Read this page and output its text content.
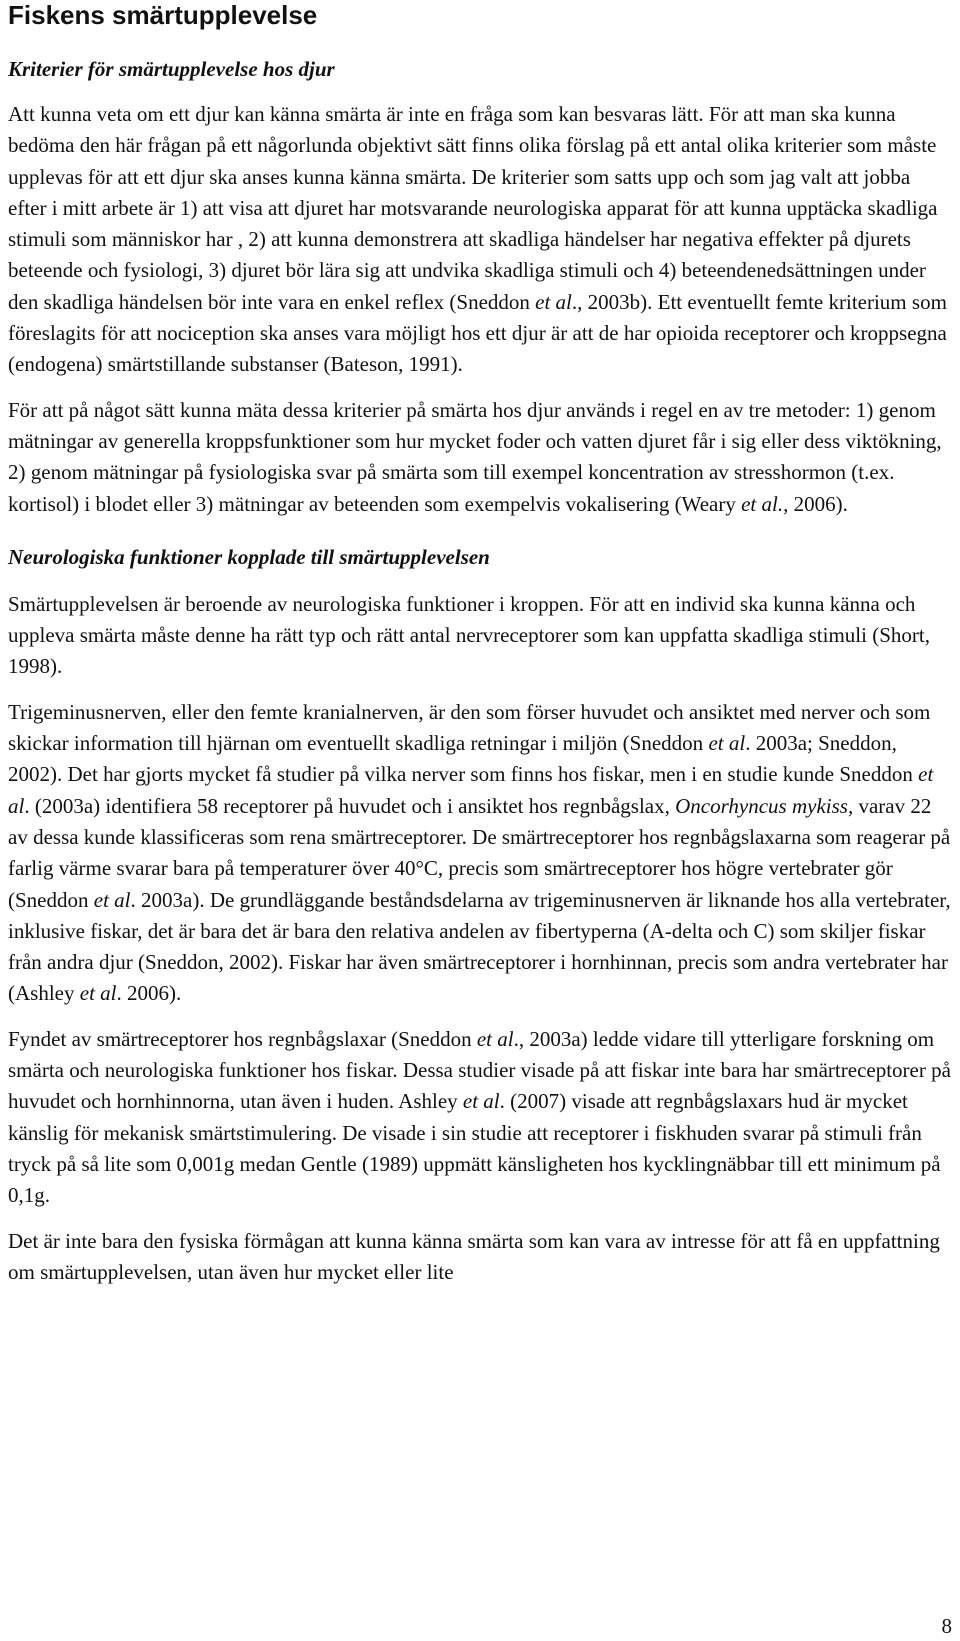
Fiskens smärtupplevelse
Kriterier för smärtupplevelse hos djur

Att kunna veta om ett djur kan känna smärta är inte en fråga som kan besvaras lätt. För att man ska kunna bedöma den här frågan på ett någorlunda objektivt sätt finns olika förslag på ett antal olika kriterier som måste upplevas för att ett djur ska anses kunna känna smärta. De kriterier som satts upp och som jag valt att jobba efter i mitt arbete är 1) att visa att djuret har motsvarande neurologiska apparat för att kunna upptäcka skadliga stimuli som människor har , 2) att kunna demonstrera att skadliga händelser har negativa effekter på djurets beteende och fysiologi, 3) djuret bör lära sig att undvika skadliga stimuli och 4) beteendenedsättningen under den skadliga händelsen bör inte vara en enkel reflex (Sneddon et al., 2003b). Ett eventuellt femte kriterium som föreslagits för att nociception ska anses vara möjligt hos ett djur är att de har opioida receptorer och kroppsegna (endogena) smärtstillande substanser (Bateson, 1991).

För att på något sätt kunna mäta dessa kriterier på smärta hos djur används i regel en av tre metoder: 1) genom mätningar av generella kroppsfunktioner som hur mycket foder och vatten djuret får i sig eller dess viktökning, 2) genom mätningar på fysiologiska svar på smärta som till exempel koncentration av stresshormon (t.ex. kortisol) i blodet eller 3) mätningar av beteenden som exempelvis vokalisering (Weary et al., 2006).

Neurologiska funktioner kopplade till smärtupplevelsen

Smärtupplevelsen är beroende av neurologiska funktioner i kroppen. För att en individ ska kunna känna och uppleva smärta måste denne ha rätt typ och rätt antal nervreceptorer som kan uppfatta skadliga stimuli (Short, 1998).

Trigeminusnerven, eller den femte kranialnerven, är den som förser huvudet och ansiktet med nerver och som skickar information till hjärnan om eventuellt skadliga retningar i miljön (Sneddon et al. 2003a; Sneddon, 2002). Det har gjorts mycket få studier på vilka nerver som finns hos fiskar, men i en studie kunde Sneddon et al. (2003a) identifiera 58 receptorer på huvudet och i ansiktet hos regnbågslax, Oncorhyncus mykiss, varav 22 av dessa kunde klassificeras som rena smärtreceptorer. De smärtreceptorer hos regnbågslaxarna som reagerar på farlig värme svarar bara på temperaturer över 40°C, precis som smärtreceptorer hos högre vertebrater gör (Sneddon et al. 2003a). De grundläggande beståndsdelarna av trigeminusnerven är liknande hos alla vertebrater, inklusive fiskar, det är bara det är bara den relativa andelen av fibertyperna (A-delta och C) som skiljer fiskar från andra djur (Sneddon, 2002). Fiskar har även smärtreceptorer i hornhinnan, precis som andra vertebrater har (Ashley et al. 2006).

Fyndet av smärtreceptorer hos regnbågslaxar (Sneddon et al., 2003a) ledde vidare till ytterligare forskning om smärta och neurologiska funktioner hos fiskar. Dessa studier visade på att fiskar inte bara har smärtreceptorer på huvudet och hornhinnorna, utan även i huden. Ashley et al. (2007) visade att regnbågslaxars hud är mycket känslig för mekanisk smärtstimulering. De visade i sin studie att receptorer i fiskhuden svarar på stimuli från tryck på så lite som 0,001g medan Gentle (1989) uppmätt känsligheten hos kycklingnäbbar till ett minimum på 0,1g.

Det är inte bara den fysiska förmågan att kunna känna smärta som kan vara av intresse för att få en uppfattning om smärtupplevelsen, utan även hur mycket eller lite

8
